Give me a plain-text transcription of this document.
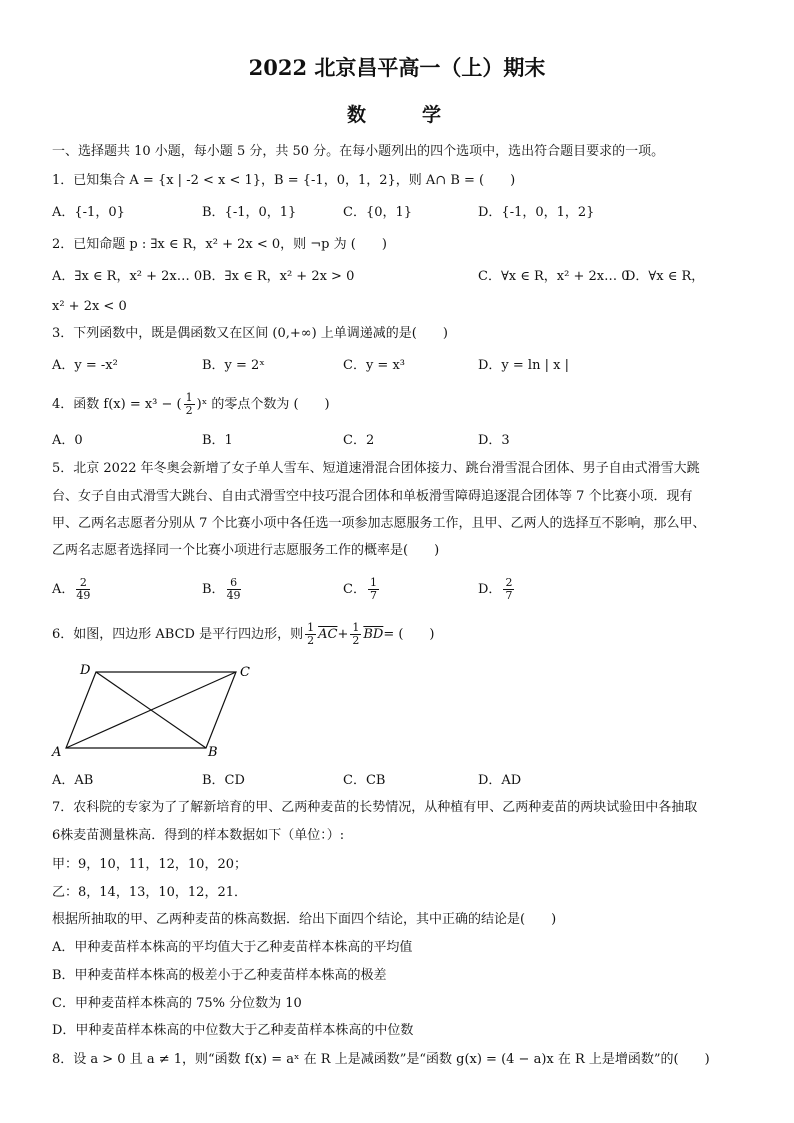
2022 北京昌平高一（上）期末
数　　学
一、选择题共 10 小题，每小题 5 分，共 50 分。在每小题列出的四个选项中，选出符合题目要求的一项。
1．已知集合 A = {x | -2 < x < 1}，B = {-1，0，1，2}，则 A∩ B = (　　)
A．{-1，0}	B．{-1，0，1}	C．{0，1}	D．{-1，0，1，2}
2．已知命题 p : ∃x ∈ R，x² + 2x < 0，则 ¬p 为 (　　)
A．∃x ∈ R，x² + 2x… 0 B．∃x ∈ R，x² + 2x > 0	C．∀x ∈ R，x² + 2x… 0
D．∀x ∈ R，
x² + 2x < 0
3．下列函数中，既是偶函数又在区间 (0,+∞) 上单调递减的是(　　)
A．y = -x²	B．y = 2ˣ	C．y = x³	D．y = ln | x |
4．函数 f(x) = x³ − ( $\frac{1}{2}$ )ˣ 的零点个数为 (　　)
A．0	B．1	C．2	D．3
5．北京 2022 年冬奥会新增了女子单人雪车、短道速滑混合团体接力、跳台滑雪混合团体、男子自由式滑雪大跳
台、女子自由式滑雪大跳台、自由式滑雪空中技巧混合团体和单板滑雪障碍追逐混合团体等 7 个比赛小项．现有
甲、乙两名志愿者分别从 7 个比赛小项中各任选一项参加志愿服务工作，且甲、乙两人的选择互不影响，那么甲、
乙两名志愿者选择同一个比赛小项进行志愿服务工作的概率是(　　)
A． $\frac{2}{49}$	B． $\frac{6}{49}$	C． $\frac{1}{7}$	D． $\frac{2}{7}$
6．如图，四边形 ABCD 是平行四边形，则 $\frac{1}{2} \overline{AC}+ \frac{1}{2} \overline{BD}=$ (　　)
D	C
A	B
A．AB	B．CD	C．CB	D．AD
7．农科院的专家为了了解新培育的甲、乙两种麦苗的长势情况，从种植有甲、乙两种麦苗的两块试验田中各抽取
6株麦苗测量株高．得到的样本数据如下（单位：）:
甲：9，10，11，12，10，20；
乙：8，14，13，10，12，21．
根据所抽取的甲、乙两种麦苗的株高数据．给出下面四个结论，其中正确的结论是(　　)
A．甲种麦苗样本株高的平均值大于乙种麦苗样本株高的平均值
B．甲种麦苗样本株高的极差小于乙种麦苗样本株高的极差
C．甲种麦苗样本株高的 75% 分位数为 10
D．甲种麦苗样本株高的中位数大于乙种麦苗样本株高的中位数
8．设 a > 0 且 a ≠ 1，则“函数 f(x) = aˣ 在 R 上是减函数”是“函数 g(x) = (4 − a)x 在 R 上是增函数”的(　　)
